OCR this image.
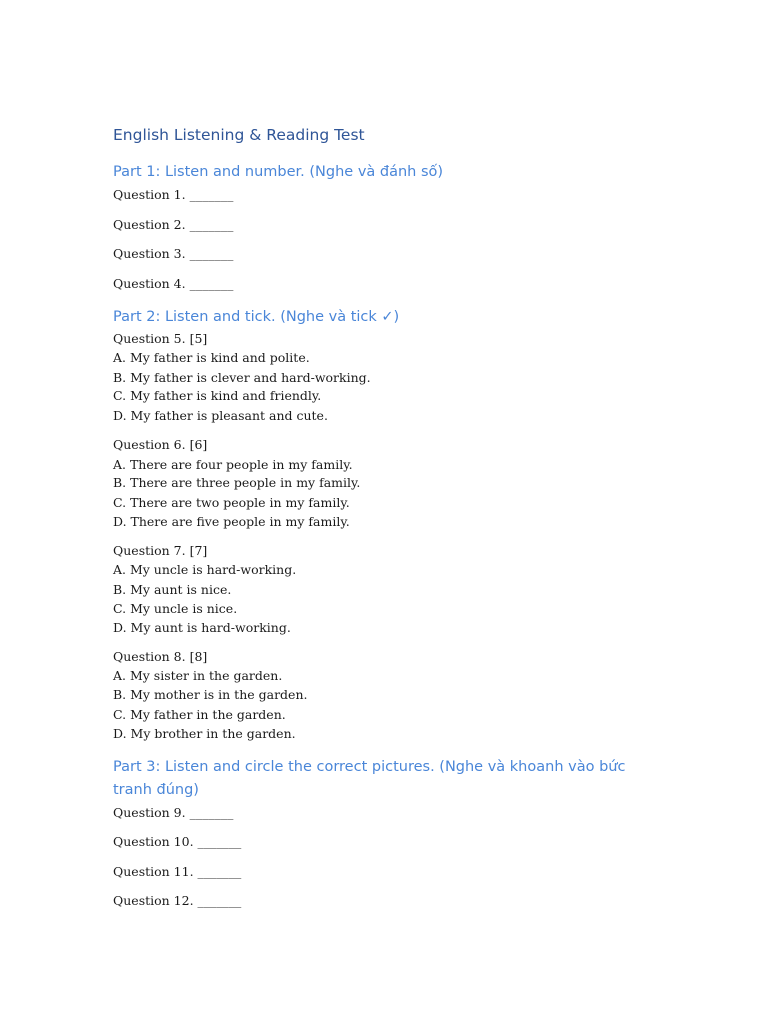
English Listening & Reading Test
Part 1: Listen and number. (Nghe và đánh số)

Question 1. _______

Question 2. _______

Question 3. _______

Question 4. _______

Part 2: Listen and tick. (Nghe và tick ✓)

Question 5. [5]

A. My father is kind and polite.

B. My father is clever and hard-working.

C. My father is kind and friendly.

D. My father is pleasant and cute.

Question 6. [6]

A. There are four people in my family.

B. There are three people in my family.

C. There are two people in my family.

D. There are five people in my family.

Question 7. [7]

A. My uncle is hard-working.

B. My aunt is nice.

C. My uncle is nice.

D. My aunt is hard-working.

Question 8. [8]

A. My sister in the garden.

B. My mother is in the garden.

C. My father in the garden.

D. My brother in the garden.

Part 3: Listen and circle the correct pictures. (Nghe và khoanh vào bức tranh đúng)

Question 9. _______

Question 10. _______

Question 11. _______

Question 12. _______
